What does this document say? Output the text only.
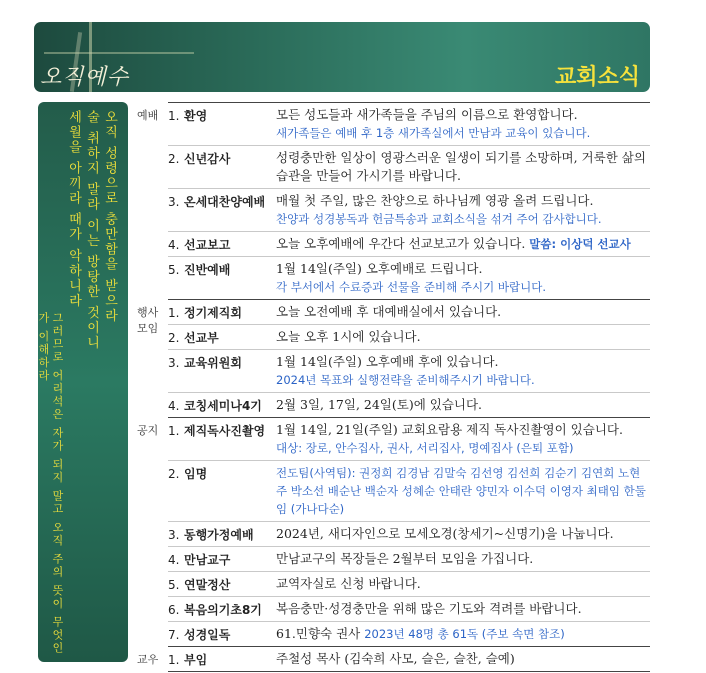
오직예수	교회소식
세월을 아끼라 때가 악하니라 술 취하지 말라 이는 방탕한 것이니 오직 성령으로 충만함을 받으라
그러므로 어리석은 자가 되지 말고 오직 주의 뜻이 무엇인가 이해하라
예배	1. 환영	모든 성도들과 새가족들을 주님의 이름으로 환영합니다.
새가족들은 예배 후 1층 새가족실에서 만남과 교육이 있습니다.
	2. 신년감사	성령충만한 일상이 영광스러운 일생이 되기를 소망하며, 거룩한 삶의 습관을 만들어 가시기를 바랍니다.
	3. 온세대찬양예배	매월 첫 주일, 많은 찬양으로 하나님께 영광 올려 드립니다.
찬양과 성경봉독과 헌금특송과 교회소식을 섞겨 주어 감사합니다.
	4. 선교보고	오늘 오후예배에 우간다 선교보고가 있습니다. 말씀: 이상덕 선교사
	5. 진반예배	1월 14일(주일) 오후예배로 드립니다.
각 부서에서 수료증과 선물을 준비해 주시기 바랍니다.
행사
모임	1. 정기제직회	오늘 오전예배 후 대예배실에서 있습니다.
	2. 선교부	오늘 오후 1시에 있습니다.
	3. 교육위원회	1월 14일(주일) 오후예배 후에 있습니다.
2024년 목표와 실행전략을 준비해주시기 바랍니다.
	4. 코칭세미나4기	2월 3일, 17일, 24일(토)에 있습니다.
공지	1. 제직독사진촬영	1월 14일, 21일(주일) 교회요람용 제직 독사진촬영이 있습니다.
대상: 장로, 안수집사, 권사, 서리집사, 명예집사 (은퇴 포함)
	2. 임명	전도팀(사역팀): 권정희 김경남 김말숙 김선영 김선희 김순기 김연희 노현주 박소선 배순난 백순자 성혜순 안태란 양민자 이수덕 이영자 최태임 한둘임 (가나다순)
	3. 동행가정예배	2024년, 새디자인으로 모세오경(창세기~신명기)을 나눕니다.
	4. 만남교구	만남교구의 목장들은 2월부터 모임을 가집니다.
	5. 연말정산	교역자실로 신청 바랍니다.
	6. 복음의기초8기	복음충만·성경충만을 위해 많은 기도와 격려를 바랍니다.
	7. 성경일독	61.민향숙 권사 2023년 48명 총 61독 (주보 속면 참조)
교우	1. 부임	주철성 목사 (김숙희 사모, 슬은, 슬찬, 슬예)
